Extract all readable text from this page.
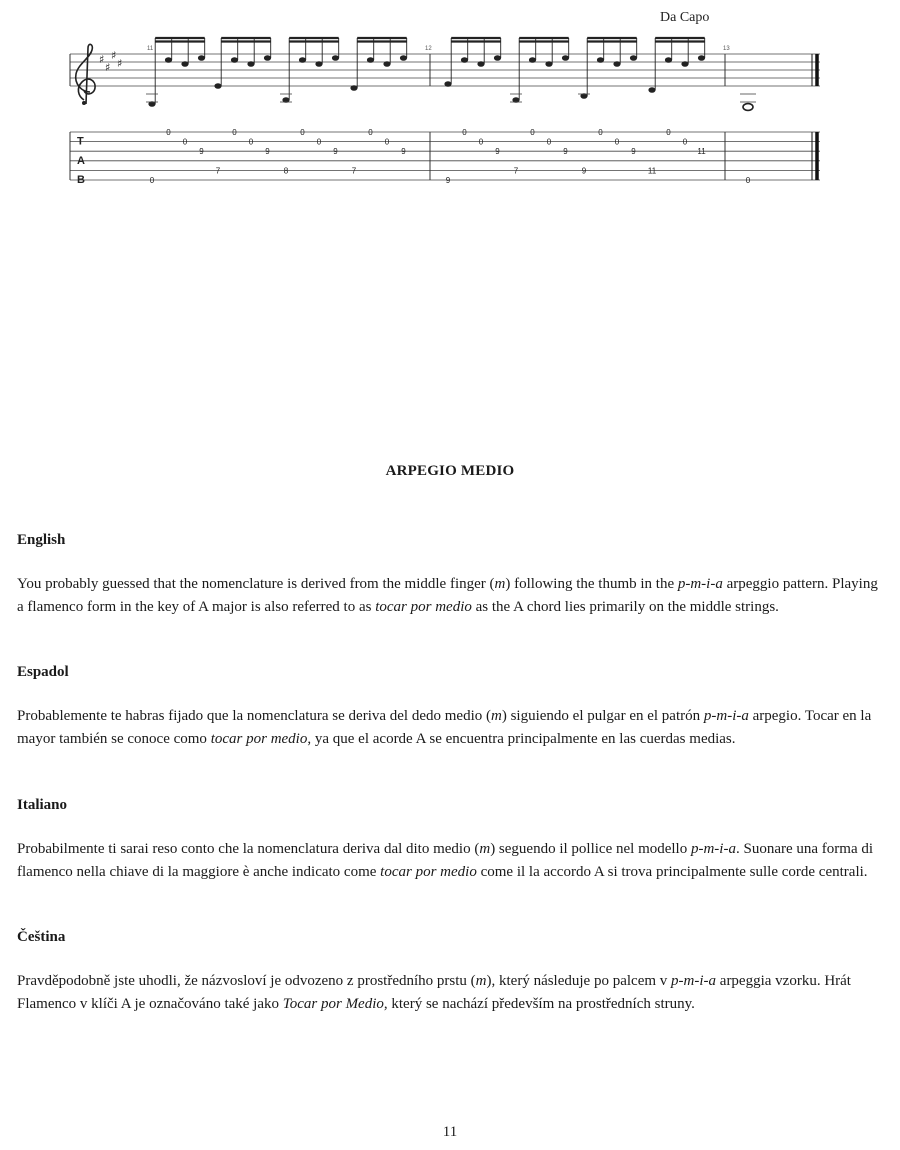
♯
♯
♯
♯
Da Capo
11	12	13
T
A
B	0
0
0
9
7
0
0
9
8
0
0
9
7
0
0
9
9
0
0
9
7
0
0
9
9
0
0
9
11
0
0
11
0
ARPEGIO MEDIO
English

You probably guessed that the nomenclature is derived from the middle finger (m) following the thumb in the p-m-i-a arpeggio pattern. Playing a flamenco form in the key of A major is also referred to as tocar por medio as the A chord lies primarily on the middle strings.

Espadol

Probablemente te habras fijado que la nomenclatura se deriva del dedo medio (m) siguiendo el pulgar en el patrón p-m-i-a arpegio. Tocar en la mayor también se conoce como tocar por medio, ya que el acorde A se encuentra principalmente en las cuerdas medias.

Italiano

Probabilmente ti sarai reso conto che la nomenclatura deriva dal dito medio (m) seguendo il pollice nel modello p-m-i-a. Suonare una forma di flamenco nella chiave di la maggiore è anche indicato come tocar por medio come il la accordo A si trova principalmente sulle corde centrali.

Čeština

Pravděpodobně jste uhodli, že názvosloví je odvozeno z prostředního prstu (m), který následuje po palcem v p-m-i-a arpeggia vzorku. Hrát Flamenco v klíči A je označováno také jako Tocar por Medio, který se nachází především na prostředních struny.

11
